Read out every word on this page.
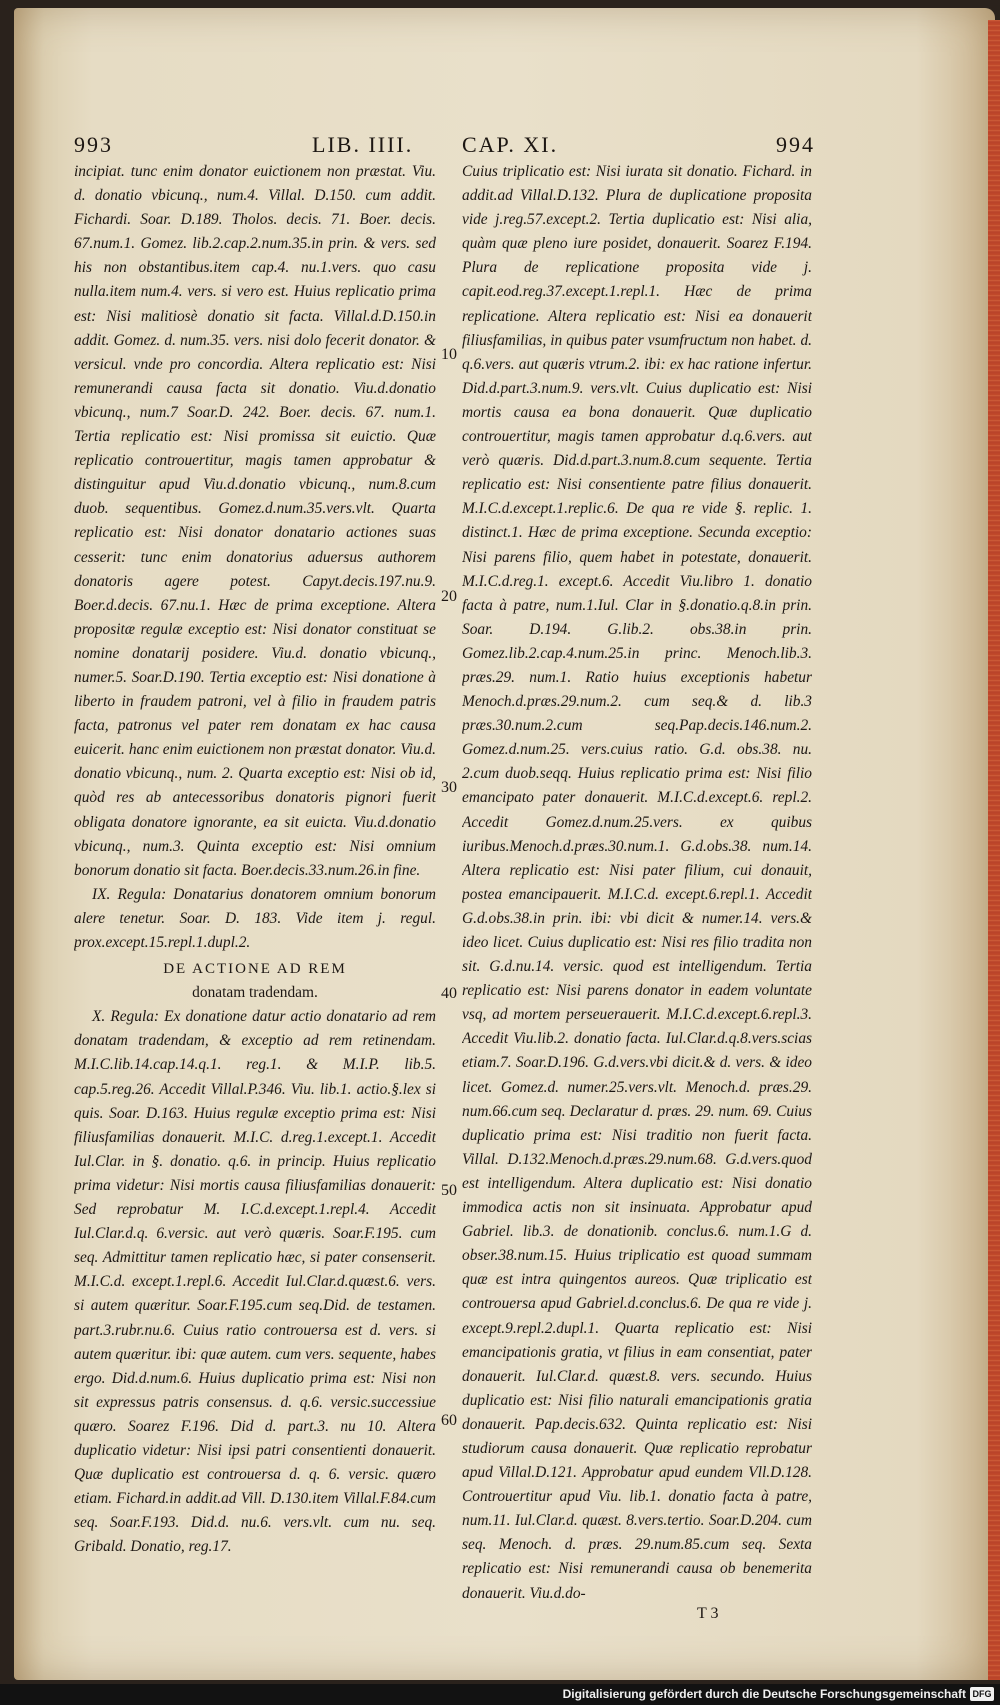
993	LIB. IIII. CAP. XI.	994

incipiat. tunc enim donator euictionem non præstat. Viu. d. donatio vbicunq., num.4. Villal. D.150. cum addit. Fichardi. Soar. D.189. Tholos. decis. 71. Boer. decis. 67.num.1. Gomez. lib.2.cap.2.num.35.in prin. & vers. sed his non obstantibus.item cap.4. nu.1.vers. quo casu nulla.item num.4. vers. si vero est. Huius replicatio prima est: Nisi malitiosè donatio sit facta. Villal.d.D.150.in addit. Gomez. d. num.35. vers. nisi dolo fecerit donator. & versicul. vnde pro concordia. Altera replicatio est: Nisi remunerandi causa facta sit donatio. Viu.d.donatio vbicunq., num.7 Soar.D. 242. Boer. decis. 67. num.1. Tertia replicatio est: Nisi promissa sit euictio. Quæ replicatio controuertitur, magis tamen approbatur & distinguitur apud Viu.d.donatio vbicunq., num.8.cum duob. sequentibus. Gomez.d.num.35.vers.vlt. Quarta replicatio est: Nisi donator donatario actiones suas cesserit: tunc enim donatorius aduersus authorem donatoris agere potest. Capyt.decis.197.nu.9. Boer.d.decis. 67.nu.1. Hæc de prima exceptione. Altera propositæ regulæ exceptio est: Nisi donator constituat se nomine donatarij posidere. Viu.d. donatio vbicunq., numer.5. Soar.D.190. Tertia exceptio est: Nisi donatione à liberto in fraudem patroni, vel à filio in fraudem patris facta, patronus vel pater rem donatam ex hac causa euicerit. hanc enim euictionem non præstat donator. Viu.d. donatio vbicunq., num. 2. Quarta exceptio est: Nisi ob id, quòd res ab antecessoribus donatoris pignori fuerit obligata donatore ignorante, ea sit euicta. Viu.d.donatio vbicunq., num.3. Quinta exceptio est: Nisi omnium bonorum donatio sit facta. Boer.decis.33.num.26.in fine.

IX. Regula: Donatarius donatorem omnium bonorum alere tenetur. Soar. D. 183. Vide item j. regul. prox.except.15.repl.1.dupl.2.

DE ACTIONE AD REM

donatam tradendam.

X. Regula: Ex donatione datur actio donatario ad rem donatam tradendam, & exceptio ad rem retinendam. M.I.C.lib.14.cap.14.q.1. reg.1. & M.I.P. lib.5. cap.5.reg.26. Accedit Villal.P.346. Viu. lib.1. actio.§.lex si quis. Soar. D.163. Huius regulæ exceptio prima est: Nisi filiusfamilias donauerit. M.I.C. d.reg.1.except.1. Accedit Iul.Clar. in §. donatio. q.6. in princip. Huius replicatio prima videtur: Nisi mortis causa filiusfamilias donauerit: Sed reprobatur M. I.C.d.except.1.repl.4. Accedit Iul.Clar.d.q. 6.versic. aut verò quæris. Soar.F.195. cum seq. Admittitur tamen replicatio hæc, si pater consenserit. M.I.C.d. except.1.repl.6. Accedit Iul.Clar.d.quæst.6. vers. si autem quæritur. Soar.F.195.cum seq.Did. de testamen. part.3.rubr.nu.6. Cuius ratio controuersa est d. vers. si autem quæritur. ibi: quæ autem. cum vers. sequente, habes ergo. Did.d.num.6. Huius duplicatio prima est: Nisi non sit expressus patris consensus. d. q.6. versic.successiue quæro. Soarez F.196. Did d. part.3. nu 10. Altera duplicatio videtur: Nisi ipsi patri consentienti donauerit. Quæ duplicatio est controuersa d. q. 6. versic. quæro etiam. Fichard.in addit.ad Vill. D.130.item Villal.F.84.cum seq. Soar.F.193. Did.d. nu.6. vers.vlt. cum nu. seq. Gribald. Donatio, reg.17.

10
20
30
40
50
60

Cuius triplicatio est: Nisi iurata sit donatio. Fichard. in addit.ad Villal.D.132. Plura de duplicatione proposita vide j.reg.57.except.2. Tertia duplicatio est: Nisi alia, quàm quæ pleno iure posidet, donauerit. Soarez F.194. Plura de replicatione proposita vide j. capit.eod.reg.37.except.1.repl.1. Hæc de prima replicatione. Altera replicatio est: Nisi ea donauerit filiusfamilias, in quibus pater vsumfructum non habet. d. q.6.vers. aut quæris vtrum.2. ibi: ex hac ratione infertur. Did.d.part.3.num.9. vers.vlt. Cuius duplicatio est: Nisi mortis causa ea bona donauerit. Quæ duplicatio controuertitur, magis tamen approbatur d.q.6.vers. aut verò quæris. Did.d.part.3.num.8.cum sequente. Tertia replicatio est: Nisi consentiente patre filius donauerit. M.I.C.d.except.1.replic.6. De qua re vide §. replic. 1. distinct.1. Hæc de prima exceptione. Secunda exceptio: Nisi parens filio, quem habet in potestate, donauerit. M.I.C.d.reg.1. except.6. Accedit Viu.libro 1. donatio facta à patre, num.1.Iul. Clar in §.donatio.q.8.in prin. Soar. D.194. G.lib.2. obs.38.in prin. Gomez.lib.2.cap.4.num.25.in princ. Menoch.lib.3. præs.29. num.1. Ratio huius exceptionis habetur Menoch.d.præs.29.num.2. cum seq.& d. lib.3 præs.30.num.2.cum seq.Pap.decis.146.num.2. Gomez.d.num.25. vers.cuius ratio. G.d. obs.38. nu. 2.cum duob.seqq. Huius replicatio prima est: Nisi filio emancipato pater donauerit. M.I.C.d.except.6. repl.2. Accedit Gomez.d.num.25.vers. ex quibus iuribus.Menoch.d.præs.30.num.1. G.d.obs.38. num.14. Altera replicatio est: Nisi pater filium, cui donauit, postea emancipauerit. M.I.C.d. except.6.repl.1. Accedit G.d.obs.38.in prin. ibi: vbi dicit & numer.14. vers.& ideo licet. Cuius duplicatio est: Nisi res filio tradita non sit. G.d.nu.14. versic. quod est intelligendum. Tertia replicatio est: Nisi parens donator in eadem voluntate vsq, ad mortem perseuerauerit. M.I.C.d.except.6.repl.3. Accedit Viu.lib.2. donatio facta. Iul.Clar.d.q.8.vers.scias etiam.7. Soar.D.196. G.d.vers.vbi dicit.& d. vers. & ideo licet. Gomez.d. numer.25.vers.vlt. Menoch.d. præs.29. num.66.cum seq. Declaratur d. præs. 29. num. 69. Cuius duplicatio prima est: Nisi traditio non fuerit facta. Villal. D.132.Menoch.d.præs.29.num.68. G.d.vers.quod est intelligendum. Altera duplicatio est: Nisi donatio immodica actis non sit insinuata. Approbatur apud Gabriel. lib.3. de donationib. conclus.6. num.1.G d. obser.38.num.15. Huius triplicatio est quoad summam quæ est intra quingentos aureos. Quæ triplicatio est controuersa apud Gabriel.d.conclus.6. De qua re vide j. except.9.repl.2.dupl.1. Quarta replicatio est: Nisi emancipationis gratia, vt filius in eam consentiat, pater donauerit. Iul.Clar.d. quæst.8. vers. secundo. Huius duplicatio est: Nisi filio naturali emancipationis gratia donauerit. Pap.decis.632. Quinta replicatio est: Nisi studiorum causa donauerit. Quæ replicatio reprobatur apud Villal.D.121. Approbatur apud eundem Vll.D.128. Controuertitur apud Viu. lib.1. donatio facta à patre, num.11. Iul.Clar.d. quæst. 8.vers.tertio. Soar.D.204. cum seq. Menoch. d. præs. 29.num.85.cum seq. Sexta replicatio est: Nisi remunerandi causa ob benemerita donauerit. Viu.d.do-

T 3
Digitalisierung gefördert durch die Deutsche Forschungsgemeinschaft DFG
